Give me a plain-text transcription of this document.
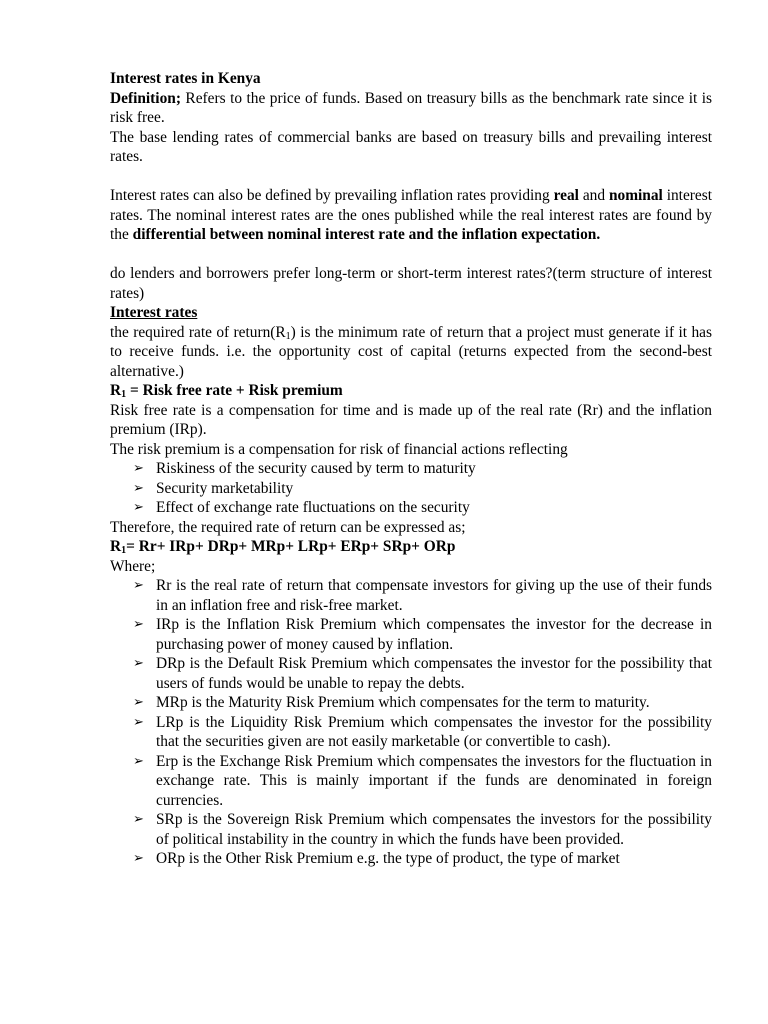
Interest rates in Kenya

Definition; Refers to the price of funds. Based on treasury bills as the benchmark rate since it is risk free.

The base lending rates of commercial banks are based on treasury bills and prevailing interest rates.

Interest rates can also be defined by prevailing inflation rates providing real and nominal interest rates. The nominal interest rates are the ones published while the real interest rates are found by the differential between nominal interest rate and the inflation expectation.

do lenders and borrowers prefer long-term or short-term interest rates?(term structure of interest rates)

Interest rates

the required rate of $return(R_1)$ is the minimum rate of return that a project must generate if it has to receive funds. i.e. the opportunity cost of capital (returns expected from the second-best alternative.)

$R_1$ = Risk free rate + Risk premium

Risk free rate is a compensation for time and is made up of the real rate (Rr) and the inflation premium (IRp).

The risk premium is a compensation for risk of financial actions reflecting

➢ Riskiness of the security caused by term to maturity
➢ Security marketability
➢ Effect of exchange rate fluctuations on the security

Therefore, the required rate of return can be expressed as;

$R_1= Rr+ IRp+ DRp+ MRp+ LRp+ ERp+ SRp+$ ORp

Where;

➢ Rr is the real rate of return that compensate investors for giving up the use of their funds in an inflation free and risk-free market.
➢ IRp is the Inflation Risk Premium which compensates the investor for the decrease in purchasing power of money caused by inflation.
➢ DRp is the Default Risk Premium which compensates the investor for the possibility that users of funds would be unable to repay the debts.
➢ MRp is the Maturity Risk Premium which compensates for the term to maturity.
➢ LRp is the Liquidity Risk Premium which compensates the investor for the possibility that the securities given are not easily marketable (or convertible to cash).
➢ Erp is the Exchange Risk Premium which compensates the investors for the fluctuation in exchange rate. This is mainly important if the funds are denominated in foreign currencies.
➢ SRp is the Sovereign Risk Premium which compensates the investors for the possibility of political instability in the country in which the funds have been provided.
➢ ORp is the Other Risk Premium e.g. the type of product, the type of market
